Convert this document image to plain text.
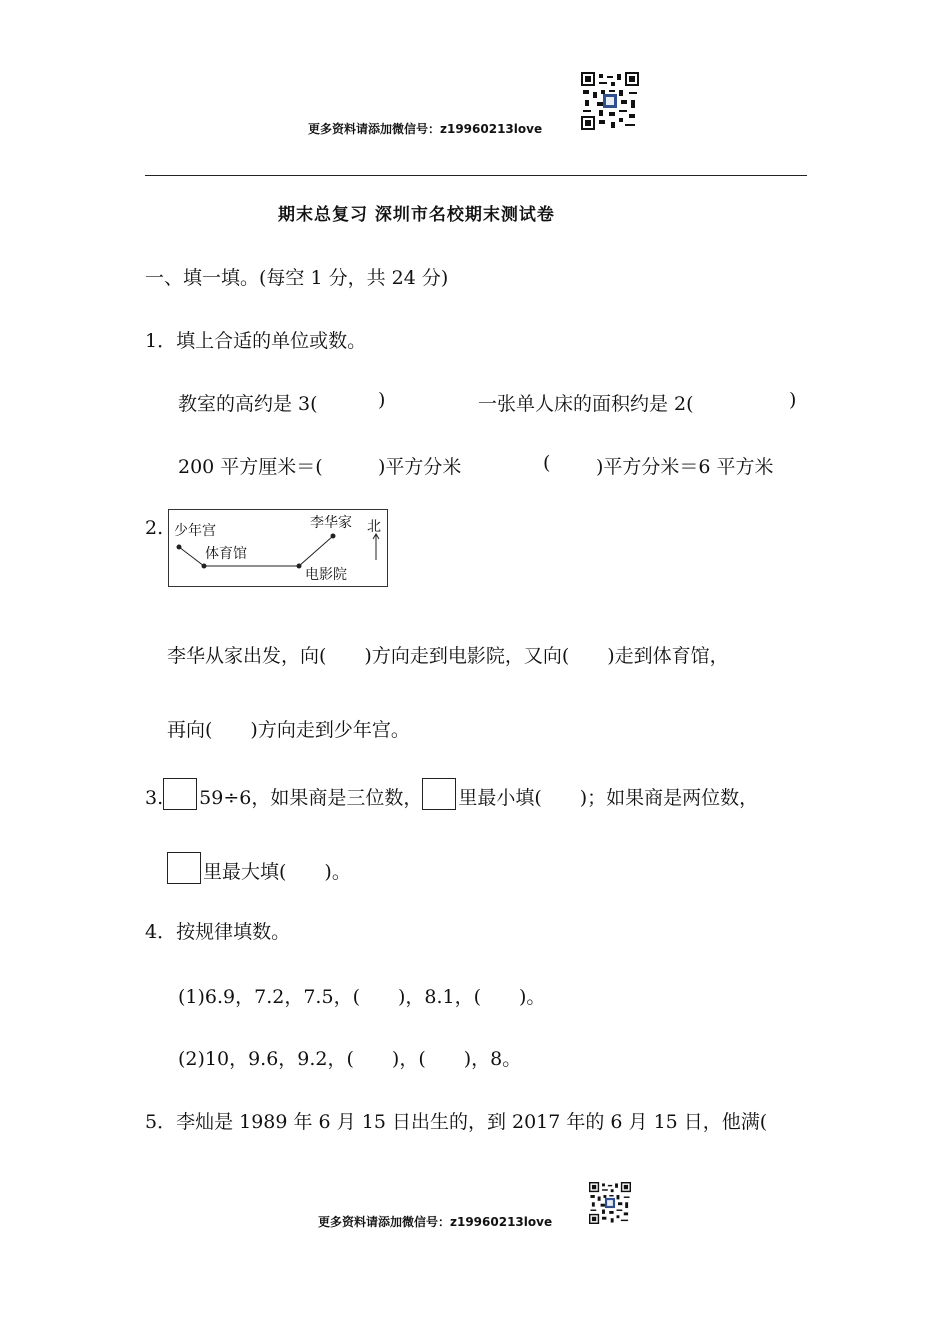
更多资料请添加微信号：z19960213love
期末总复习 深圳市名校期末测试卷
一、填一填。(每空 1 分，共 24 分)
1．填上合适的单位或数。
教室的高约是 3(	)	一张单人床的面积约是 2(	)
200 平方厘米＝(	)平方分米	( )平方分米＝6 平方米
2. 少年宫
体育馆
李华家 北
电影院
李华从家出发，向(　　)方向走到电影院，又向(　　)走到体育馆，
再向(　　)方向走到少年宫。
3. 59÷6，如果商是三位数， 里最小填(　　)；如果商是两位数，
里最大填(　　)。
4．按规律填数。
(1)6.9，7.2，7.5，(　　)，8.1，(　　)。
(2)10，9.6，9.2，(　　)，(　　)，8。
5．李灿是 1989 年 6 月 15 日出生的，到 2017 年的 6 月 15 日，他满(
更多资料请添加微信号：z19960213love
